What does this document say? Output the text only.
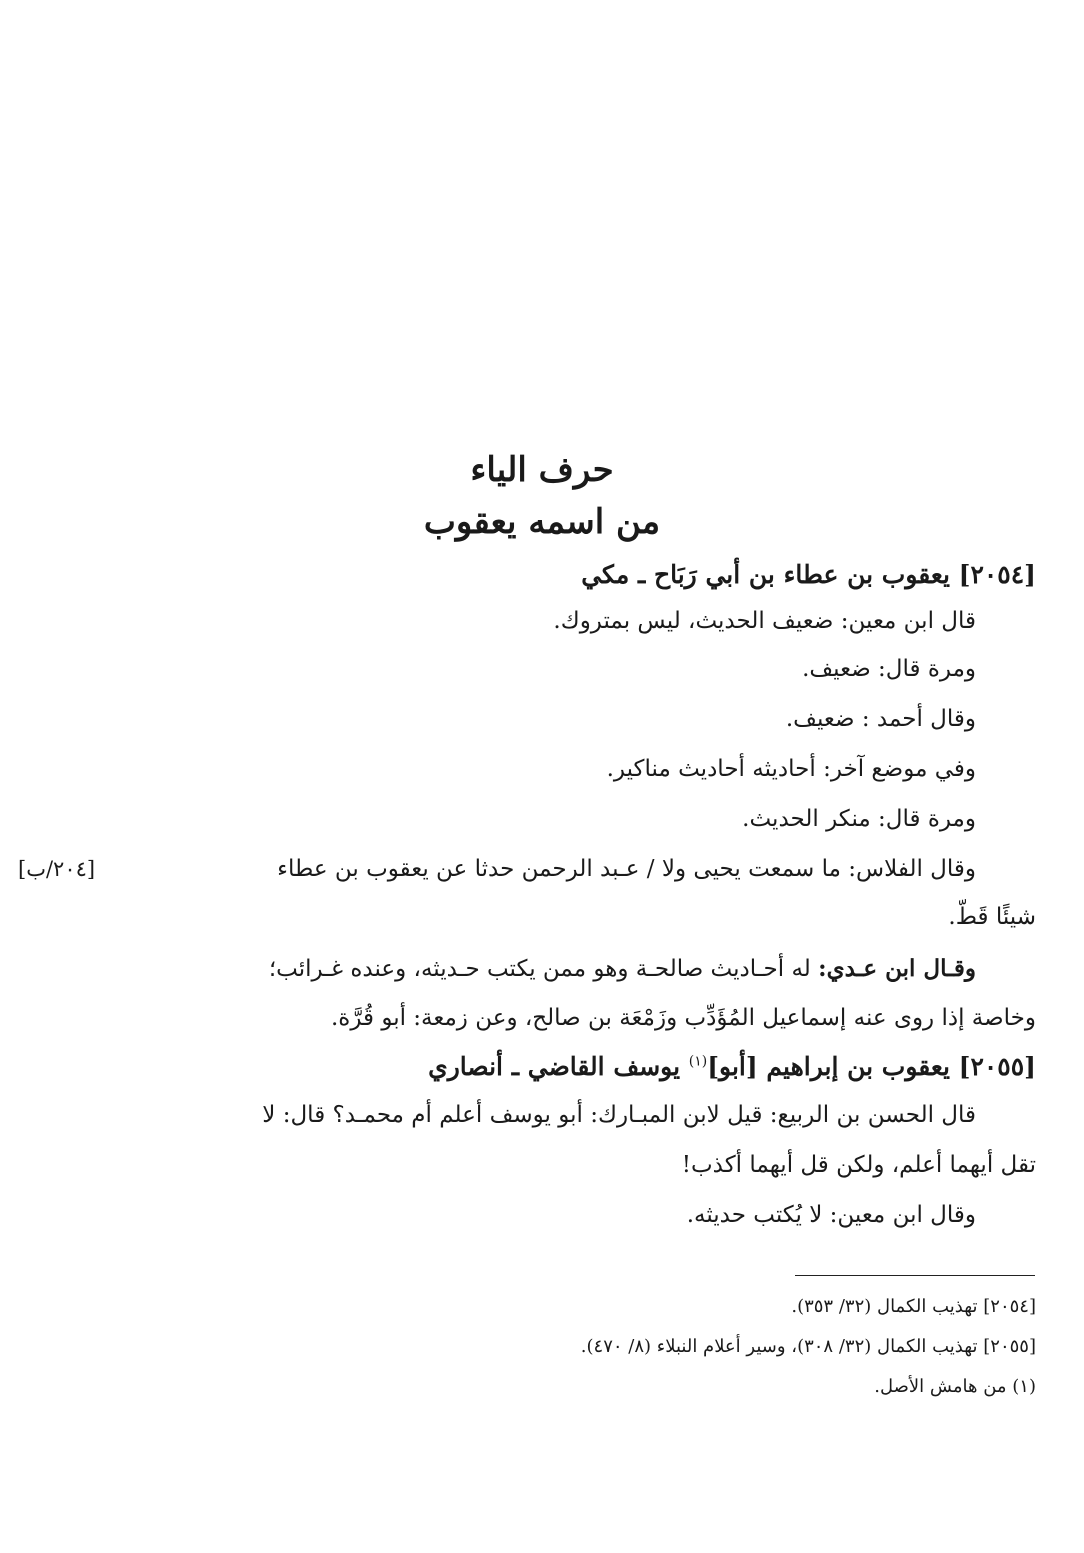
حرف الياء
من اسمه يعقوب
[٢٠٥٤] يعقوب بن عطاء بن أبي رَبَاح ـ مكي
قال ابن معين: ضعيف الحديث، ليس بمتروك.
ومرة قال: ضعيف.
وقال أحمد : ضعيف.
وفي موضع آخر: أحاديثه أحاديث مناكير.
ومرة قال: منكر الحديث.
وقال الفلاس: ما سمعت يحيى ولا / عـبد الرحمن حدثا عن يعقوب بن عطاء
[٢٠٤/ب]
شيئًا قَطّ.
وقـال ابن عـدي: له أحـاديث صالحـة وهو ممن يكتب حـديثه، وعنده غـرائب؛
وخاصة إذا روى عنه إسماعيل المُؤَدِّب وزَمْعَة بن صالح، وعن زمعة: أبو قُرَّة.
[٢٠٥٥] يعقوب بن إبراهيم [أبو]$^{(١)}$ يوسف القاضي ـ أنصاري
قال الحسن بن الربيع: قيل لابن المبـارك: أبو يوسف أعلم أم محمـد؟ قال: لا
تقل أيهما أعلم، ولكن قل أيهما أكذب!
وقال ابن معين: لا يُكتب حديثه.
[٢٠٥٤] تهذيب الكمال (٣٢/ ٣٥٣).
[٢٠٥٥] تهذيب الكمال (٣٢/ ٣٠٨)، وسير أعلام النبلاء (٨/ ٤٧٠).
(١) من هامش الأصل.
